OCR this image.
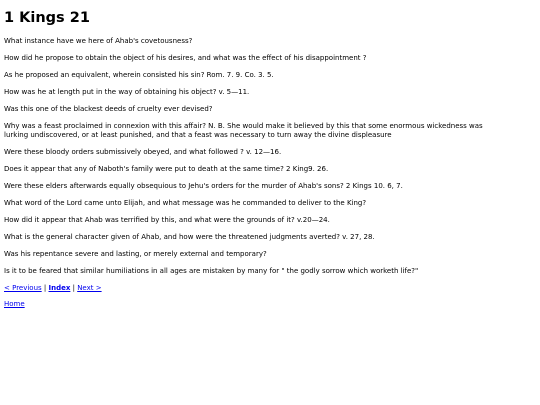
1 Kings 21

What instance have we here of Ahab's covetousness?

How did he propose to obtain the object of his desires, and what was the effect of his disappointment ?

As he proposed an equivalent, wherein consisted his sin? Rom. 7. 9. Co. 3. 5.

How was he at length put in the way of obtaining his object? v. 5—11.

Was this one of the blackest deeds of cruelty ever devised?

Why was a feast proclaimed in connexion with this affair? N. B. She would make it believed by this that some enormous wickedness was lurking undiscovered, or at least punished, and that a feast was necessary to turn away the divine displeasure

Were these bloody orders submissively obeyed, and what followed ? v. 12—16.

Does it appear that any of Naboth's family were put to death at the same time? 2 King9. 26.

Were these elders afterwards equally obsequious to Jehu's orders for the murder of Ahab's sons? 2 Kings 10. 6, 7.

What word of the Lord came unto Elijah, and what message was he commanded to deliver to the King?

How did it appear that Ahab was terrified by this, and what were the grounds of it? v.20—24.

What is the general character given of Ahab, and how were the threatened judgments averted? v. 27, 28.

Was his repentance severe and lasting, or merely external and temporary?

Is it to be feared that similar humiliations in all ages are mistaken by many for " the godly sorrow which worketh life?"

< Previous | Index | Next >
Home
